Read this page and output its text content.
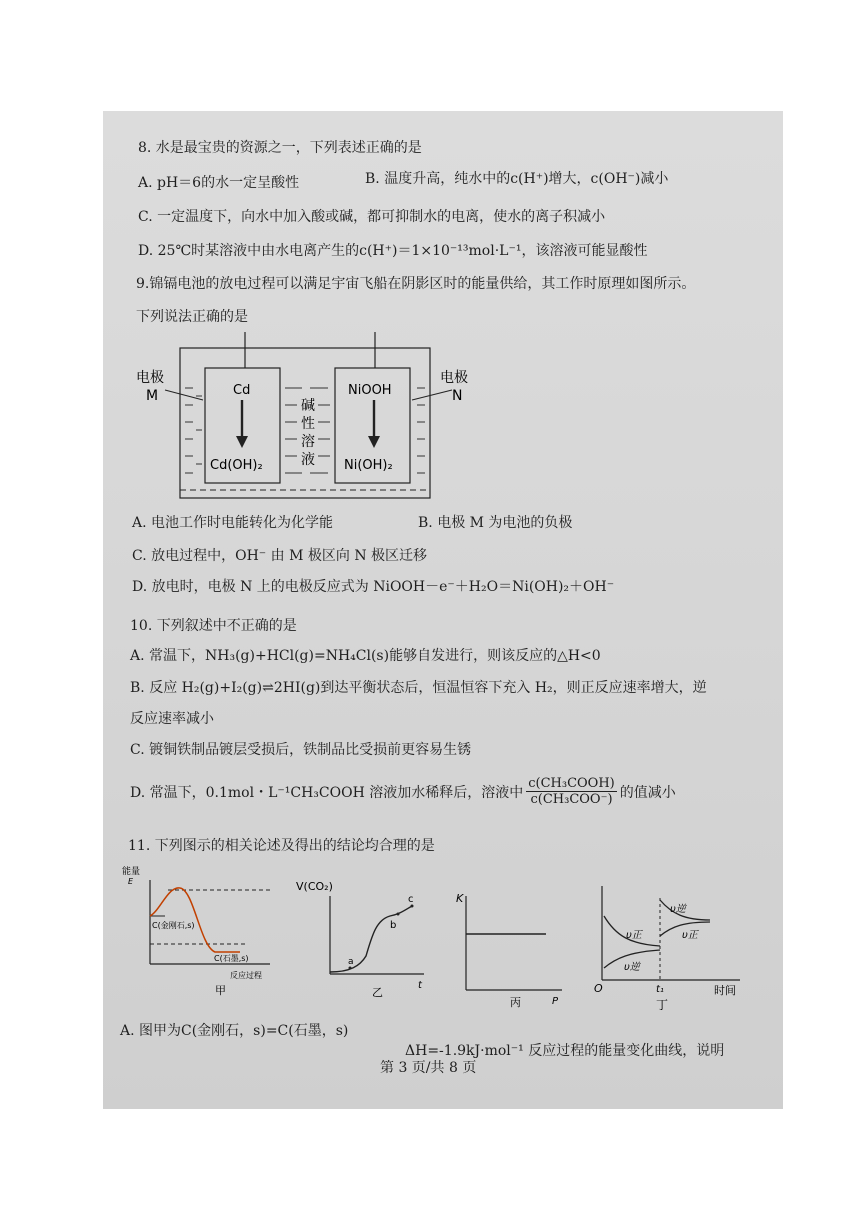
8. 水是最宝贵的资源之一，下列表述正确的是
A. pH＝6的水一定呈酸性	B. 温度升高，纯水中的c(H⁺)增大，c(OH⁻)减小
C. 一定温度下，向水中加入酸或碱，都可抑制水的电离，使水的离子积减小
D. 25℃时某溶液中由水电离产生的c(H⁺)＝1×10⁻¹³mol·L⁻¹，该溶液可能显酸性
9.锦镉电池的放电过程可以满足宇宙飞船在阴影区时的能量供给，其工作时原理如图所示。
下列说法正确的是
电极
M
电极
N
Cd
Cd(OH)₂
NiOOH
Ni(OH)₂
碱
性
溶
液
A. 电池工作时电能转化为化学能	B. 电极 M 为电池的负极
C. 放电过程中，OH⁻ 由 M 极区向 N 极区迁移
D. 放电时，电极 N 上的电极反应式为 NiOOH－e⁻＋H₂O＝Ni(OH)₂＋OH⁻
10. 下列叙述中不正确的是
A. 常温下，NH₃(g)+HCl(g)=NH₄Cl(s)能够自发进行，则该反应的△H<0
B. 反应 H₂(g)+I₂(g)⇌2HI(g)到达平衡状态后，恒温恒容下充入 H₂，则正反应速率增大，逆
反应速率减小
C. 镀铜铁制品镀层受损后，铁制品比受损前更容易生锈
D. 常温下，0.1mol・L⁻¹CH₃COOH 溶液加水稀释后，溶液中 $\frac{\text{c(CH₃COOH)}}{\text{c(CH₃COO⁻)}}$ 的值减小
11. 下列图示的相关论述及得出的结论均合理的是
能量
E
C(金刚石,s)
C(石墨,s)
反应过程
甲
V(CO₂)
a
b
c
t
乙
K
P
丙
υ正
υ逆
υ逆
υ正
O	t₁	时间
丁
A. 图甲为C(金刚石，s)=C(石墨，s)
ΔH=-1.9kJ·mol⁻¹ 反应过程的能量变化曲线，说明
第 3 页/共 8 页
